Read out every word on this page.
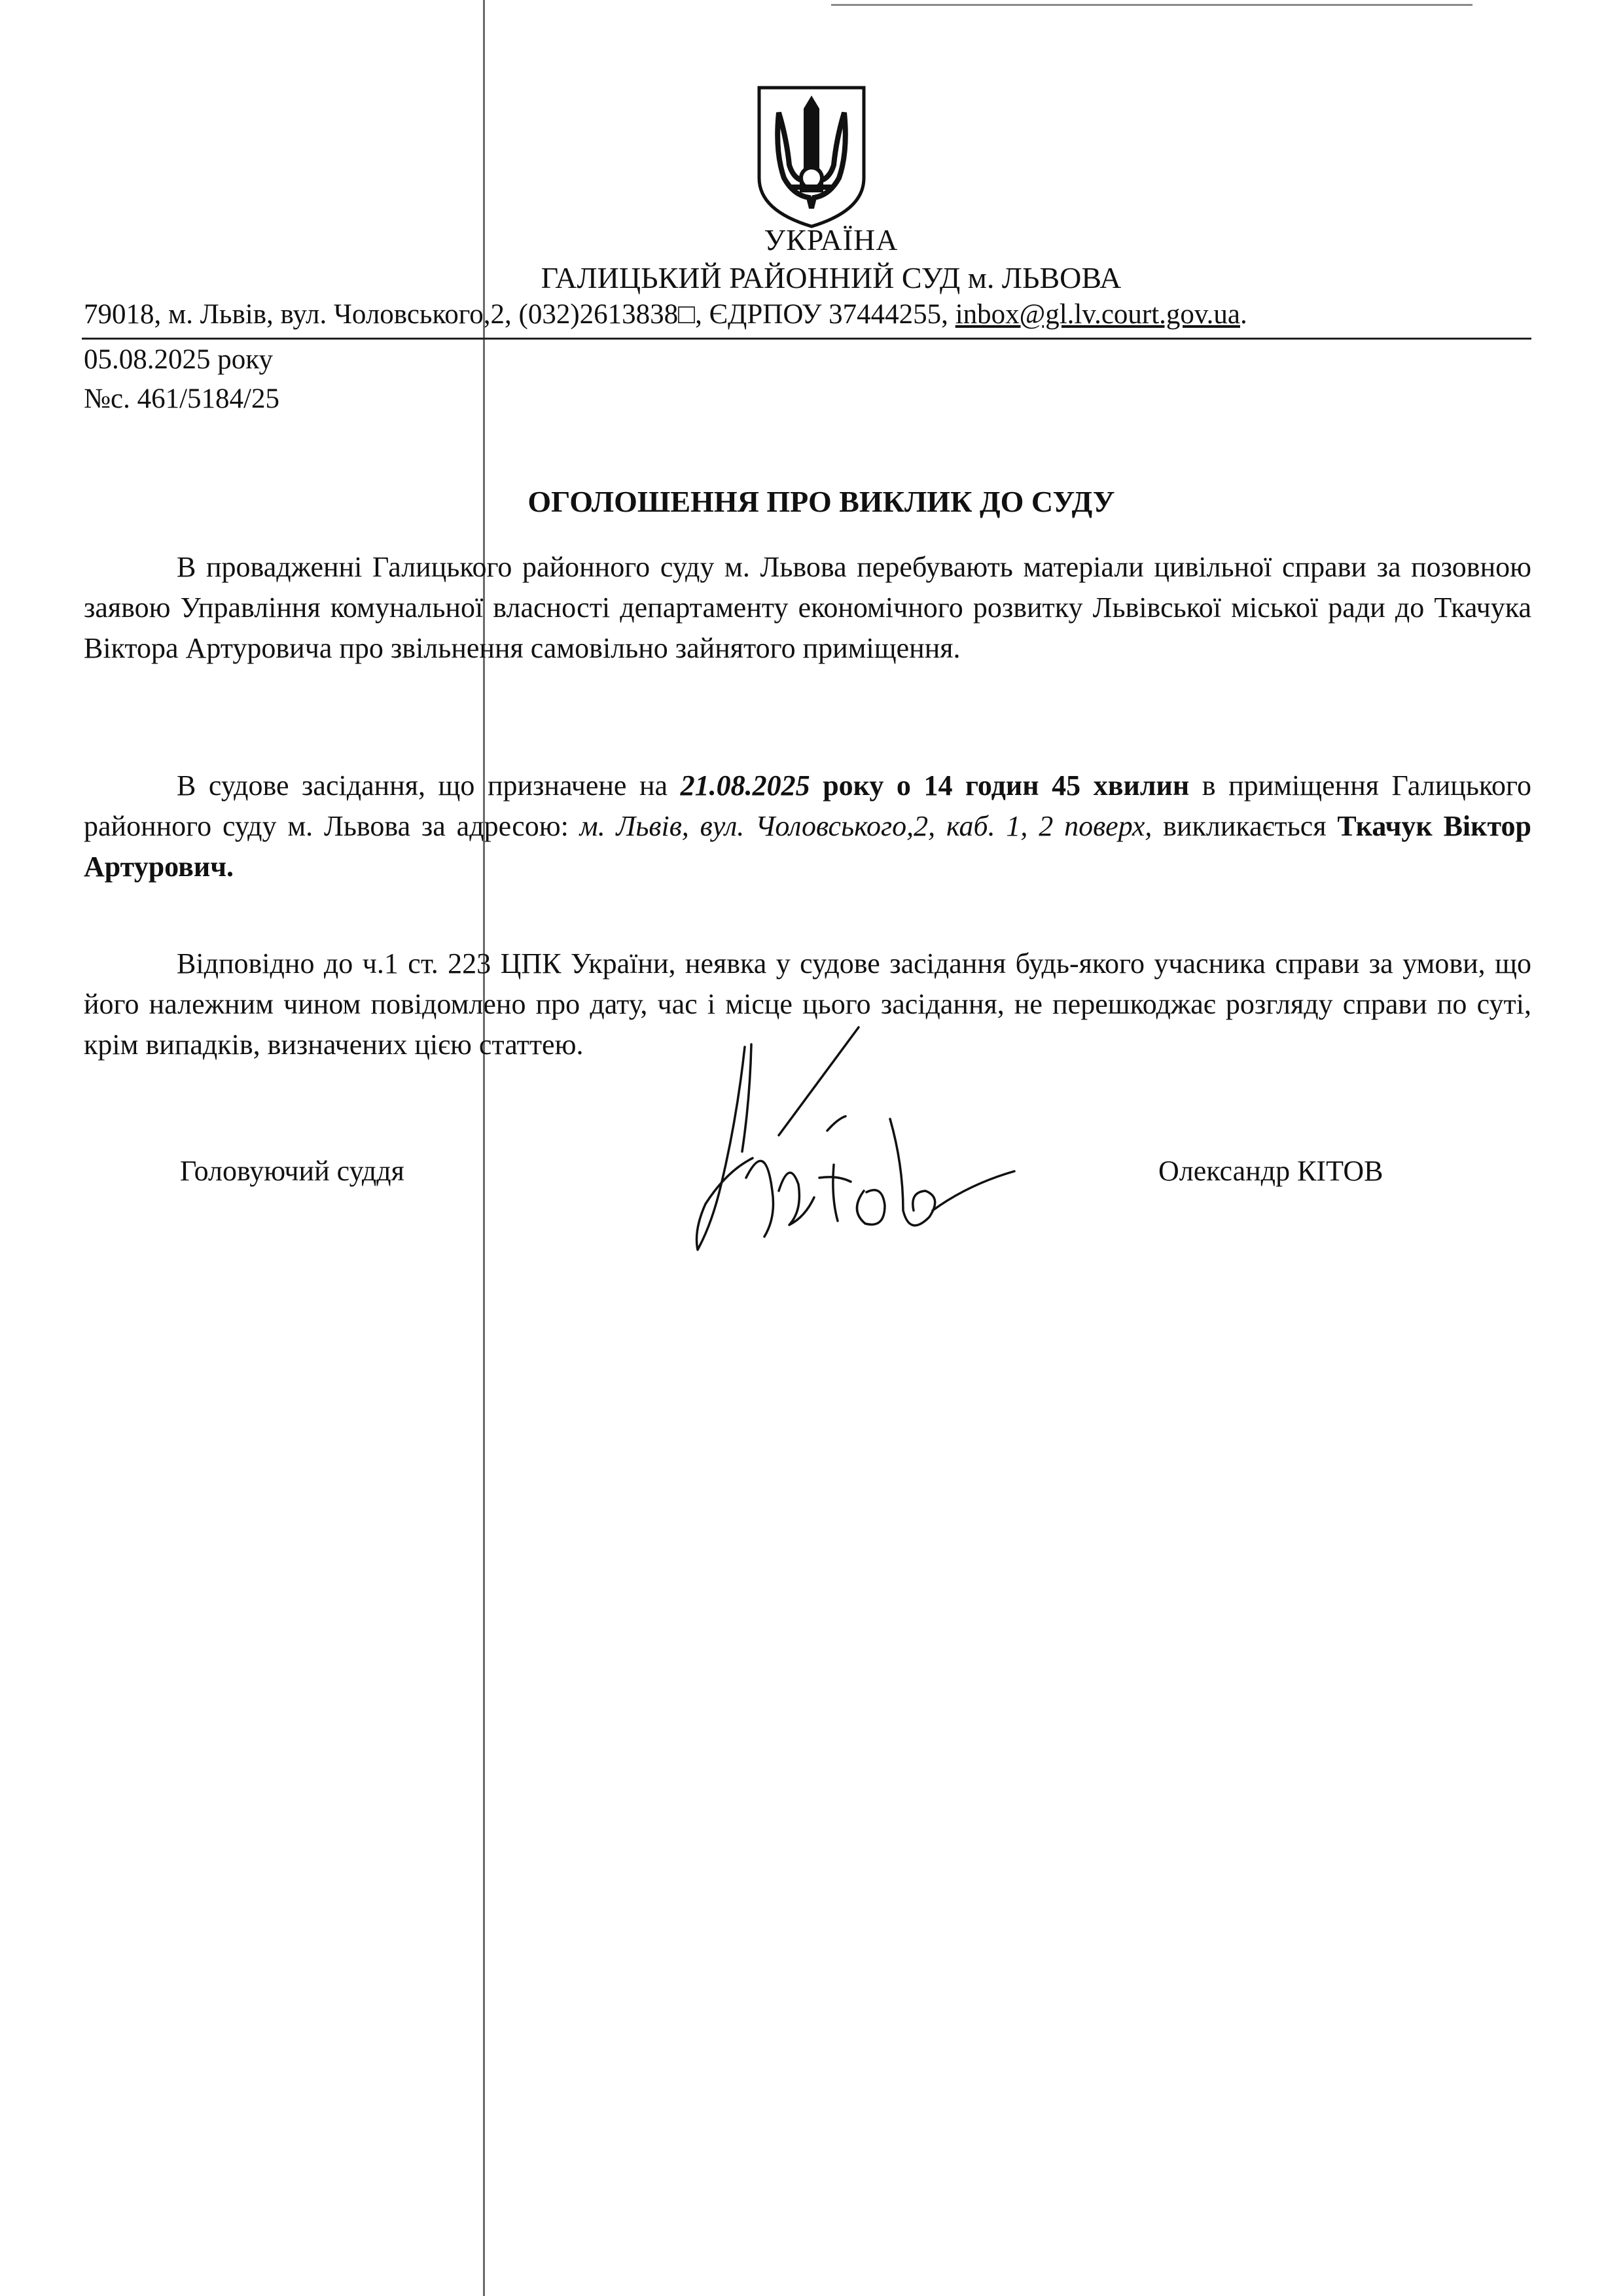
УКРАЇНА
ГАЛИЦЬКИЙ РАЙОННИЙ СУД м. ЛЬВОВА
79018, м. Львів, вул. Чоловського,2, (032)2613838□, ЄДРПОУ 37444255, inbox@gl.lv.court.gov.ua.
05.08.2025 року
№с. 461/5184/25
ОГОЛОШЕННЯ ПРО ВИКЛИК ДО СУДУ

В провадженні Галицького районного суду м. Львова перебувають матеріали цивільної справи за позовною заявою Управління комунальної власності департаменту економічного розвитку Львівської міської ради до Ткачука Віктора Артуровича про звільнення самовільно зайнятого приміщення.

В судове засідання, що призначене на 21.08.2025 року о 14 годин 45 хвилин в приміщення Галицького районного суду м. Львова за адресою: м. Львів, вул. Чоловського,2, каб. 1, 2 поверх, викликається Ткачук Віктор Артурович.

Відповідно до ч.1 ст. 223 ЦПК України, неявка у судове засідання будь-якого учасника справи за умови, що його належним чином повідомлено про дату, час і місце цього засідання, не перешкоджає розгляду справи по суті, крім випадків, визначених цією статтею.

Головуючий суддя	Олександр КІТОВ
